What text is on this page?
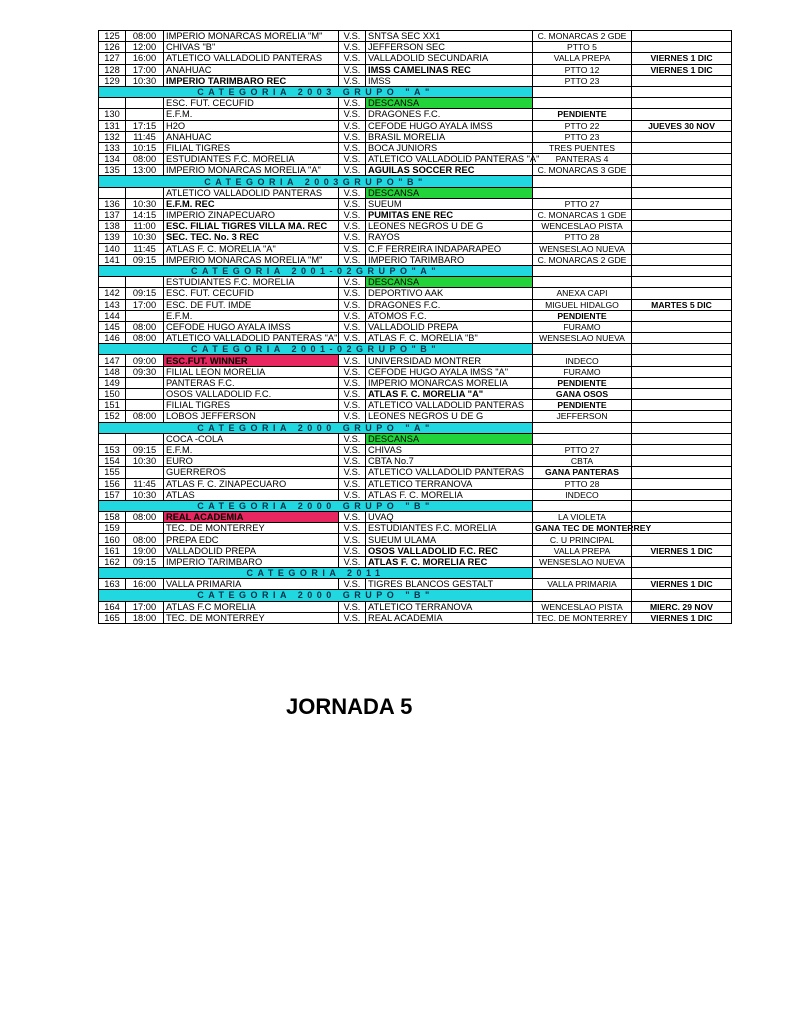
125	08:00	IMPERIO MONARCAS MORELIA "M"	V.S.	SNTSA SEC XX1	C. MONARCAS 2 GDE	
126	12:00	CHIVAS "B"	V.S.	JEFFERSON SEC	PTTO 5	
127	16:00	ATLETICO VALLADOLID PANTERAS	V.S.	VALLADOLID SECUNDARIA	VALLA PREPA	VIERNES 1 DIC
128	17:00	ANAHUAC	V.S.	IMSS CAMELINAS REC	PTTO 12	VIERNES 1 DIC
129	10:30	IMPERIO TARIMBARO REC	V.S.	IMSS	PTTO 23	
CATEGORIA 2003 GRUPO "A"						
		ESC. FUT. CECUFID	V.S.	DESCANSA		
130		E.F.M.	V.S.	DRAGONES F.C.	PENDIENTE	
131	17:15	H2O	V.S.	CEFODE HUGO AYALA IMSS	PTTO 22	JUEVES 30 NOV
132	11:45	ANAHUAC	V.S.	BRASIL MORELIA	PTTO 23	
133	10:15	FILIAL TIGRES	V.S.	BOCA JUNIORS	TRES PUENTES	
134	08:00	ESTUDIANTES F.C. MORELIA	V.S.	ATLETICO VALLADOLID PANTERAS "A"	PANTERAS 4	
135	13:00	IMPERIO MONARCAS MORELIA "A"	V.S.	AGUILAS SOCCER REC	C. MONARCAS 3 GDE	
CATEGORIA 2003GRUPO"B"						
		ATLETICO VALLADOLID PANTERAS	V.S.	DESCANSA		
136	10:30	E.F.M. REC	V.S.	SUEUM	PTTO 27	
137	14:15	IMPERIO ZINAPECUARO	V.S.	PUMITAS ENE REC	C. MONARCAS 1 GDE	
138	11:00	ESC. FILIAL TIGRES VILLA MA. REC	V.S.	LEONES NEGROS U DE G	WENCESLAO PISTA	
139	10:30	SEC. TEC. No. 3 REC	V.S.	RAYOS	PTTO 28	
140	11:45	ATLAS F. C. MORELIA "A"	V.S.	C.F FERREIRA INDAPARAPEO	WENSESLAO NUEVA	
141	09:15	IMPERIO MONARCAS MORELIA "M"	V.S.	IMPERIO TARIMBARO	C. MONARCAS 2 GDE	
CATEGORIA 2001-02GRUPO"A"						
		ESTUDIANTES F.C. MORELIA	V.S.	DESCANSA		
142	09:15	ESC. FUT. CECUFID	V.S.	DEPORTIVO AAK	ANEXA CAPI	
143	17:00	ESC. DE FUT. IMDE	V.S.	DRAGONES F.C.	MIGUEL HIDALGO	MARTES 5 DIC
144		E.F.M.	V.S.	ATOMOS F.C.	PENDIENTE	
145	08:00	CEFODE HUGO AYALA IMSS	V.S.	VALLADOLID PREPA	FURAMO	
146	08:00	ATLETICO VALLADOLID PANTERAS "A"	V.S.	ATLAS F. C. MORELIA "B"	WENSESLAO NUEVA	
CATEGORIA 2001-02GRUPO"B"						
147	09:00	ESC.FUT. WINNER	V.S.	UNIVERSIDAD MONTRER	INDECO	
148	09:30	FILIAL LEON MORELIA	V.S.	CEFODE HUGO AYALA IMSS "A"	FURAMO	
149		PANTERAS F.C.	V.S.	IMPERIO MONARCAS MORELIA	PENDIENTE	
150		OSOS VALLADOLID F.C.	V.S.	ATLAS F. C. MORELIA "A"	GANA OSOS	
151		FILIAL TIGRES	V.S.	ATLETICO VALLADOLID PANTERAS	PENDIENTE	
152	08:00	LOBOS JEFFERSON	V.S.	LEONES NEGROS U DE G	JEFFERSON	
CATEGORIA 2000 GRUPO "A"						
		COCA -COLA	V.S.	DESCANSA		
153	09:15	E.F.M.	V.S.	CHIVAS	PTTO 27	
154	10:30	EURO	V.S.	CBTA No.7	CBTA	
155		GUERREROS	V.S.	ATLETICO VALLADOLID PANTERAS	GANA PANTERAS	
156	11:45	ATLAS F. C. ZINAPECUARO	V.S.	ATLETICO TERRANOVA	PTTO 28	
157	10:30	ATLAS	V.S.	ATLAS F. C. MORELIA	INDECO	
CATEGORIA 2000 GRUPO "B"						
158	08:00	REAL ACADEMIA	V.S.	UVAQ	LA VIOLETA	
159		TEC. DE MONTERREY	V.S.	ESTUDIANTES F.C. MORELIA	GANA TEC DE MONTERREY	
160	08:00	PREPA EDC	V.S.	SUEUM ULAMA	C. U PRINCIPAL	
161	19:00	VALLADOLID PREPA	V.S.	OSOS VALLADOLID F.C. REC	VALLA PREPA	VIERNES 1 DIC
162	09:15	IMPERIO TARIMBARO	V.S.	ATLAS F. C. MORELIA REC	WENSESLAO NUEVA	
CATEGORIA 2011						
163	16:00	VALLA PRIMARIA	V.S.	TIGRES BLANCOS GESTALT	VALLA PRIMARIA	VIERNES 1 DIC
CATEGORIA 2000 GRUPO "B"						
164	17:00	ATLAS F.C MORELIA	V.S.	ATLETICO TERRANOVA	WENCESLAO PISTA	MIERC. 29 NOV
165	18:00	TEC. DE MONTERREY	V.S.	REAL ACADEMIA	TEC. DE MONTERREY	VIERNES 1 DIC
JORNADA 5
